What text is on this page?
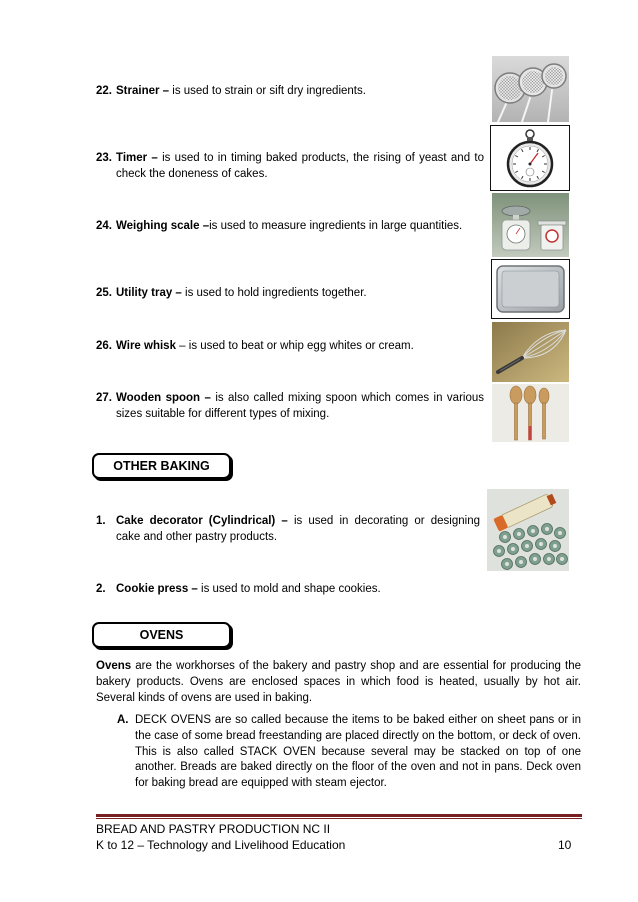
22. Strainer – is used to strain or sift dry ingredients.
23. Timer – is used to in timing baked products, the rising of yeast and to check the doneness of cakes.
24. Weighing scale –is used to measure ingredients in large quantities.
25. Utility tray – is used to hold ingredients together.
26. Wire whisk – is used to beat or whip egg whites or cream.
27. Wooden spoon – is also called mixing spoon which comes in various sizes suitable for different types of mixing.
OTHER BAKING
1. Cake decorator (Cylindrical) – is used in decorating or designing cake and other pastry products.
2. Cookie press – is used to mold and shape cookies.
OVENS

Ovens are the workhorses of the bakery and pastry shop and are essential for producing the bakery products. Ovens are enclosed spaces in which food is heated, usually by hot air. Several kinds of ovens are used in baking.

A. DECK OVENS are so called because the items to be baked either on sheet pans or in the case of some bread freestanding are placed directly on the bottom, or deck of oven. This is also called STACK OVEN because several may be stacked on top of one another. Breads are baked directly on the floor of the oven and not in pans. Deck oven for baking bread are equipped with steam ejector.
BREAD AND PASTRY PRODUCTION NC II
K to 12 – Technology and Livelihood Education	10
